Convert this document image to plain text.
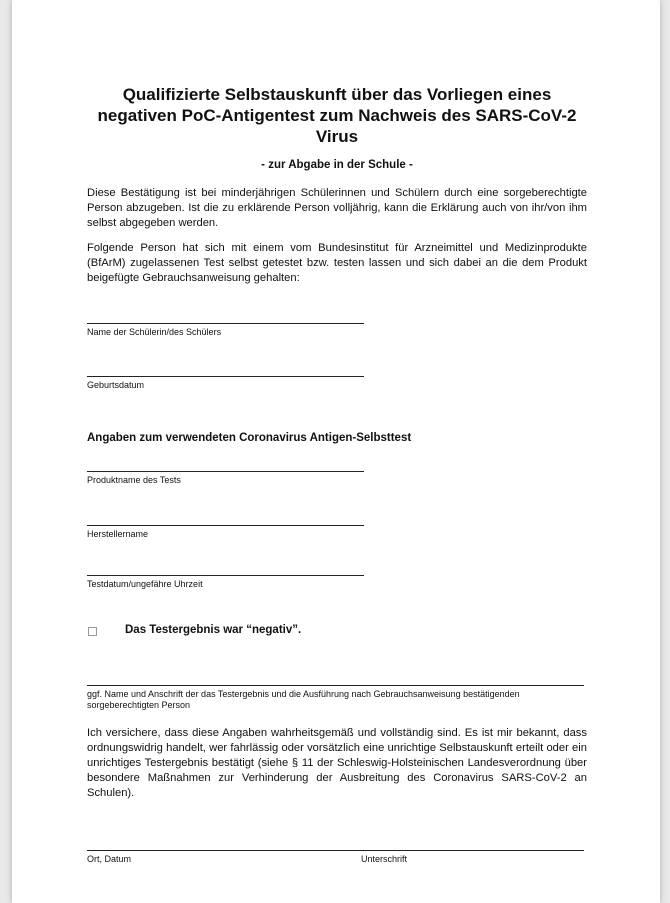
Qualifizierte Selbstauskunft über das Vorliegen eines
negativen PoC-Antigentest zum Nachweis des SARS-CoV-2
Virus
- zur Abgabe in der Schule -
Diese Bestätigung ist bei minderjährigen Schülerinnen und Schülern durch eine sorgeberechtigte Person abzugeben. Ist die zu erklärende Person volljährig, kann die Erklärung auch von ihr/von ihm selbst abgegeben werden.
Folgende Person hat sich mit einem vom Bundesinstitut für Arzneimittel und Medizinprodukte (BfArM) zugelassenen Test selbst getestet bzw. testen lassen und sich dabei an die dem Produkt beigefügte Gebrauchsanweisung gehalten:
Name der Schülerin/des Schülers
Geburtsdatum
Angaben zum verwendeten Coronavirus Antigen-Selbsttest
Produktname des Tests
Herstellername
Testdatum/ungefähre Uhrzeit
Das Testergebnis war “negativ”.
ggf. Name und Anschrift der das Testergebnis und die Ausführung nach Gebrauchsanweisung bestätigenden sorgeberechtigten Person
Ich versichere, dass diese Angaben wahrheitsgemäß und vollständig sind. Es ist mir bekannt, dass ordnungswidrig handelt, wer fahrlässig oder vorsätzlich eine unrichtige Selbstauskunft erteilt oder ein unrichtiges Testergebnis bestätigt (siehe § 11 der Schleswig-Holsteinischen Landesverordnung über besondere Maßnahmen zur Verhinderung der Ausbreitung des Coronavirus SARS-CoV-2 an Schulen).
Ort, Datum	Unterschrift
